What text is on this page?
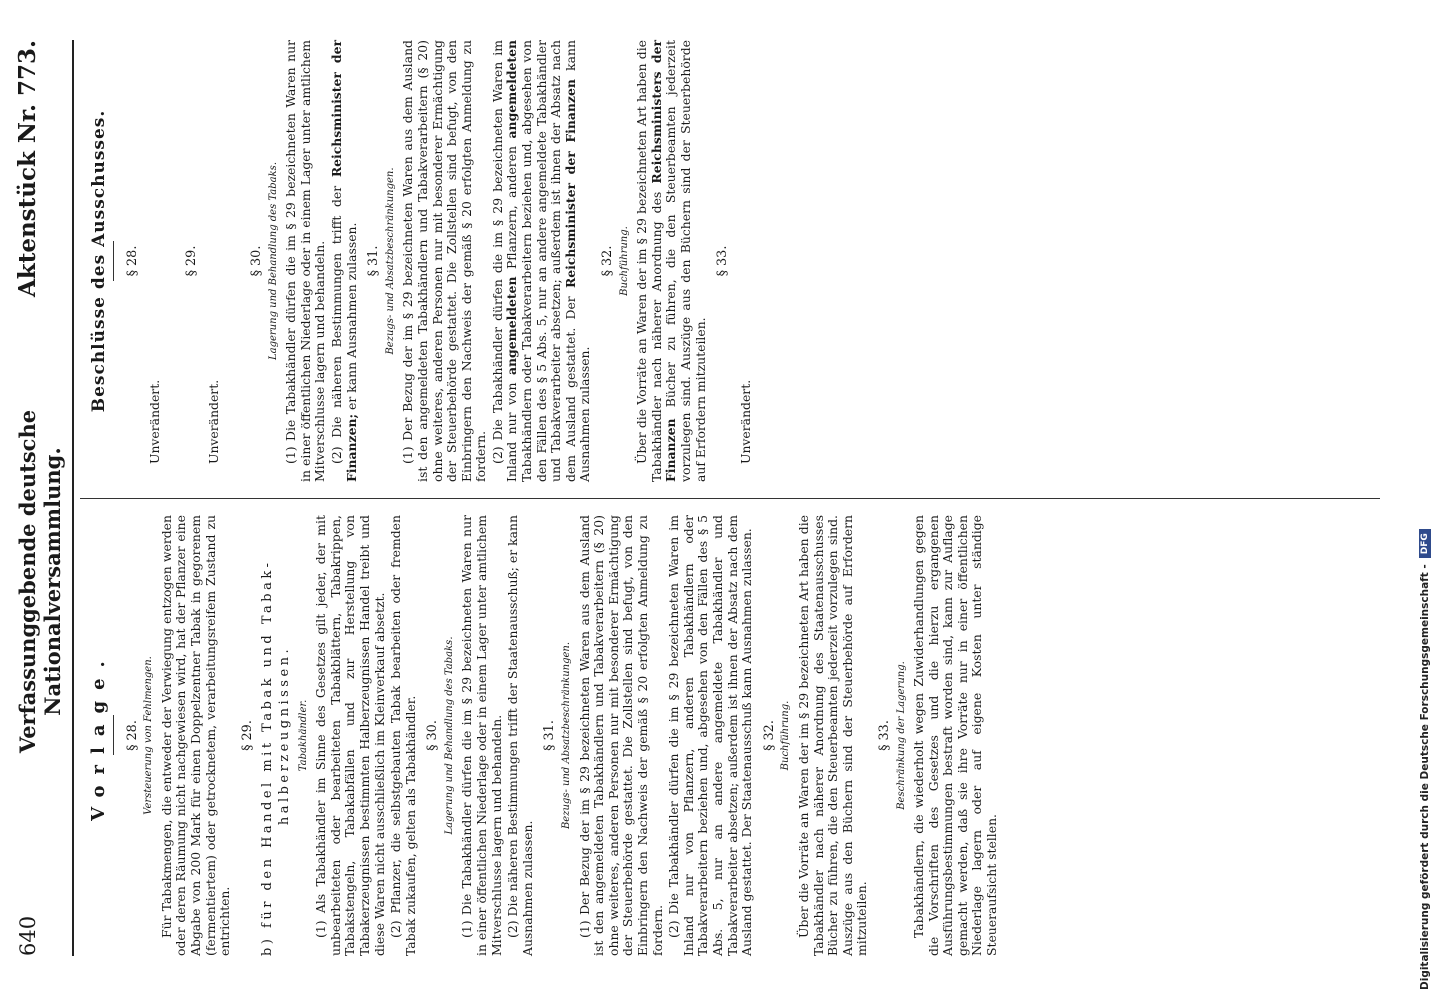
640
Verfassunggebende deutsche Nationalversammlung.
Aktenstück Nr. 773.
Vorlage. § 28. Versteuerung von Fehlmengen. Für Tabakmengen, die entweder der Verwiegung entzogen werden oder deren Räumung nicht nachgewiesen wird, hat der Pflanzer eine Abgabe von 200 Mark für einen Doppelzentner Tabak in gegorenem (fermentiertem) oder getrocknetem, verarbeitungsreifem Zustand zu entrichten.

§ 29. b) für den Handel mit Tabak und Tabak- halberzeugnissen. Tabakhändler. (1) Als Tabakhändler im Sinne des Gesetzes gilt jeder, der mit unbearbeiteten oder bearbeiteten Tabakblättern, Tabakrippen, Tabakstengeln, Tabakabfällen und zur Herstellung von Tabakerzeugnissen bestimmten Halberzeugnissen Handel treibt und diese Waren nicht ausschließlich im Kleinverkauf absetzt. (2) Pflanzer, die selbstgebauten Tabak bearbeiten oder fremden Tabak zukaufen, gelten als Tabakhändler. § 30. Lagerung und Behandlung des Tabaks. (1) Die Tabakhändler dürfen die im § 29 bezeichneten Waren nur in einer öffentlichen Niederlage oder in einem Lager unter amtlichem Mitverschlusse lagern und behandeln. (2) Die näheren Bestimmungen trifft der Staatenausschuß; er kann Ausnahmen zulassen.

§ 31. Bezugs- und Absatzbeschränkungen. (1) Der Bezug der im § 29 bezeichneten Waren aus dem Ausland ist den angemeldeten Tabakhändlern und Tabakverarbeitern (§ 20) ohne weiteres, anderen Personen nur mit besonderer Ermächtigung der Steuerbehörde gestattet. Die Zollstellen sind befugt, von den Einbringern den Nachweis der gemäß § 20 erfolgten Anmeldung zu fordern. (2) Die Tabakhändler dürfen die im § 29 bezeichneten Waren im Inland nur von Pflanzern, anderen Tabakhändlern oder Tabakverarbeitern beziehen und, abgesehen von den Fällen des § 5 Abs. 5, nur an andere angemeldete Tabakhändler und Tabakverarbeiter absetzen; außerdem ist ihnen der Absatz nach dem Ausland gestattet. Der Staatenausschuß kann Ausnahmen zulassen. § 32. Buchführung. Über die Vorräte an Waren der im § 29 bezeichneten Art haben die Tabakhändler nach näherer Anordnung des Staatenausschusses Bücher zu führen, die den Steuerbeamten jederzeit vorzulegen sind. Auszüge aus den Büchern sind der Steuerbehörde auf Erfordern mitzuteilen.

§ 33. Beschränkung der Lagerung. Tabakhändlern, die wiederholt wegen Zuwiderhandlungen gegen die Vorschriften des Gesetzes und die hierzu ergangenen Ausführungsbestimmungen bestraft worden sind, kann zur Auflage gemacht werden, daß sie ihre Vorräte nur in einer öffentlichen Niederlage lagern oder auf eigene Kosten unter ständige Steueraufsicht stellen.

Beschlüsse des Ausschusses. § 28.

Unverändert.

§ 29.

Unverändert.

§ 30. Lagerung und Behandlung des Tabaks. (1) Die Tabakhändler dürfen die im § 29 bezeichneten Waren nur in einer öffentlichen Niederlage oder in einem Lager unter amtlichem Mitverschlusse lagern und behandeln. (2) Die näheren Bestimmungen trifft der Reichsminister der Finanzen; er kann Ausnahmen zulassen. § 31. Bezugs- und Absatzbeschränkungen. (1) Der Bezug der im § 29 bezeichneten Waren aus dem Ausland ist den angemeldeten Tabakhändlern und Tabakverarbeitern (§ 20) ohne weiteres, anderen Personen nur mit besonderer Ermächtigung der Steuerbehörde gestattet. Die Zollstellen sind befugt, von den Einbringern den Nachweis der gemäß § 20 erfolgten Anmeldung zu fordern. (2) Die Tabakhändler dürfen die im § 29 bezeichneten Waren im Inland nur von angemeldeten Pflanzern, anderen angemeldeten Tabakhändlern oder Tabakverarbeitern beziehen und, abgesehen von den Fällen des § 5 Abs. 5, nur an andere angemeldete Tabakhändler und Tabakverarbeiter absetzen; außerdem ist ihnen der Absatz nach dem Ausland gestattet. Der Reichsminister der Finanzen kann Ausnahmen zulassen.

§ 32. Buchführung. Über die Vorräte an Waren der im § 29 bezeichneten Art haben die Tabakhändler nach näherer Anordnung des Reichsministers der Finanzen Bücher zu führen, die den Steuerbeamten jederzeit vorzulegen sind. Auszüge aus den Büchern sind der Steuerbehörde auf Erfordern mitzuteilen.

§ 33.

Unverändert.

Digitalisierung gefördert durch die Deutsche Forschungsgemeinschaft -
DFG
